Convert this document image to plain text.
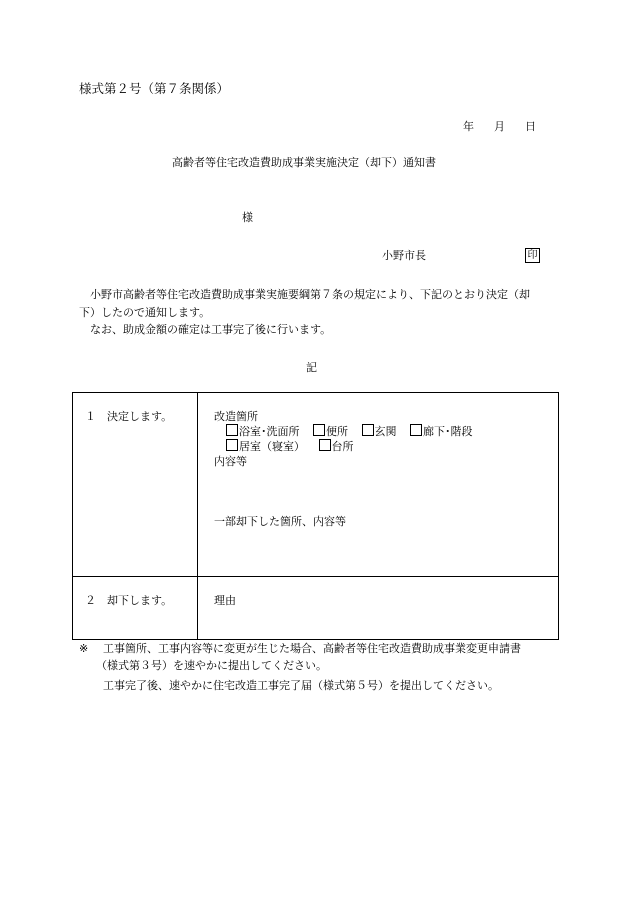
様式第２号（第７条関係）
年 月 日
高齢者等住宅改造費助成事業実施決定（却下）通知書
様
小野市長	印
小野市高齢者等住宅改造費助成事業実施要綱第７条の規定により、下記のとおり決定（却
下）したので通知します。
なお、助成金額の確定は工事完了後に行います。
記
１　決定します。	改造箇所
浴室･洗面所 便所 玄関 廊下･階段
居室（寝室） 台所
内容等
一部却下した箇所、内容等

２　却下します。	理由
※ 工事箇所、工事内容等に変更が生じた場合、高齢者等住宅改造費助成事業変更申請書
（様式第３号）を速やかに提出してください。
工事完了後、速やかに住宅改造工事完了届（様式第５号）を提出してください。
